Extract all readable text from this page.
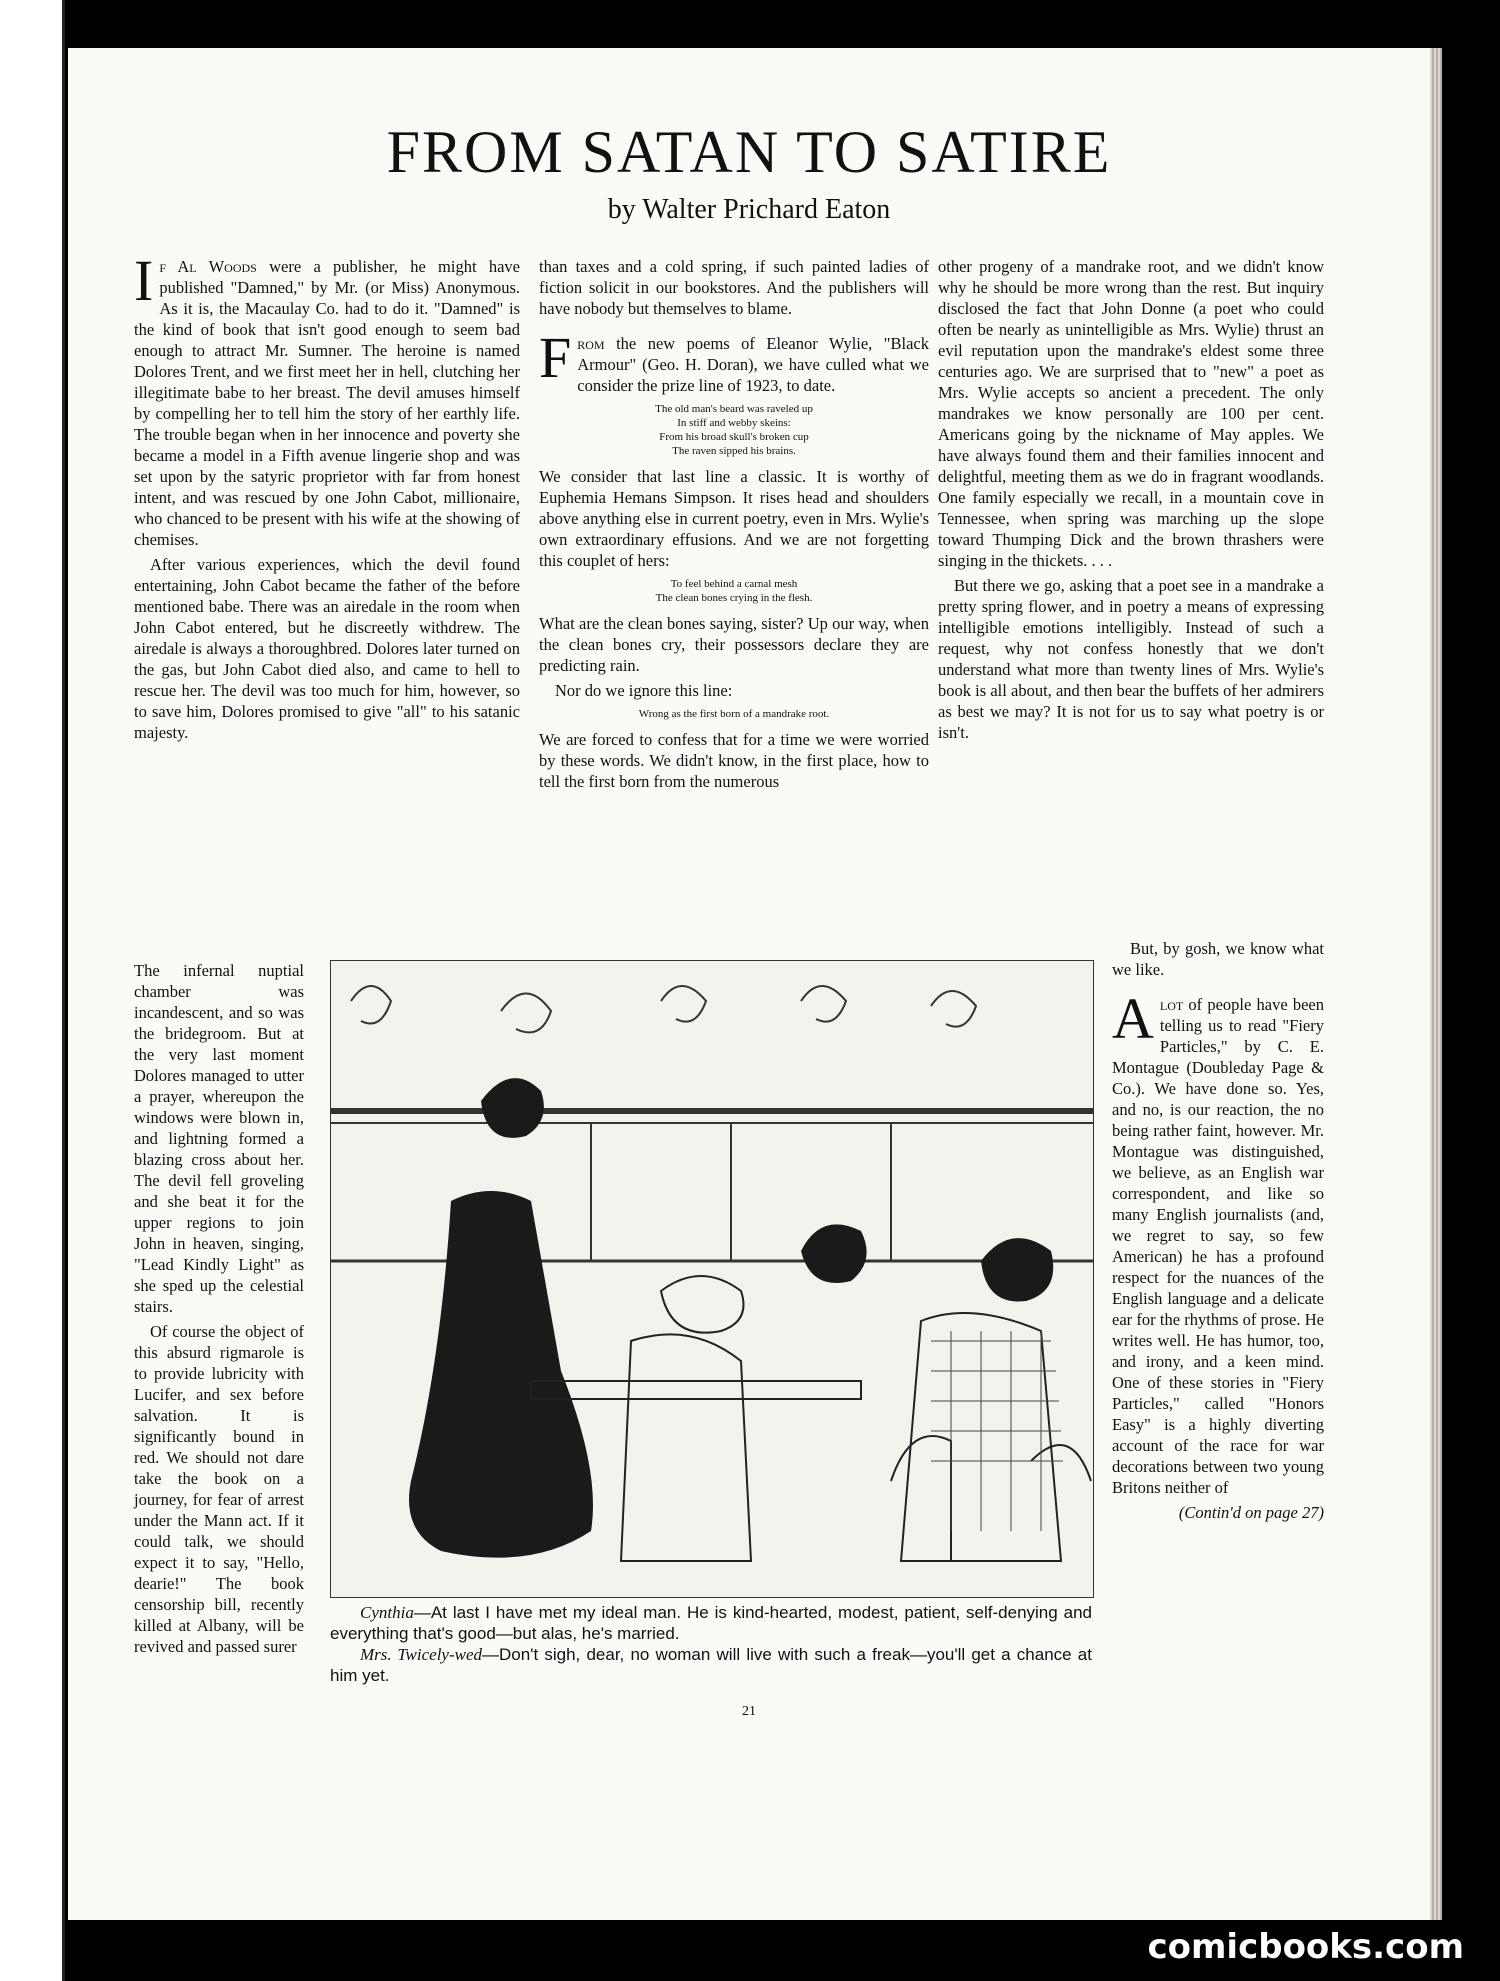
FROM SATAN TO SATIRE
by Walter Prichard Eaton

If Al Woods were a publisher, he might have published "Damned," by Mr. (or Miss) Anonymous. As it is, the Macaulay Co. had to do it. "Damned" is the kind of book that isn't good enough to seem bad enough to attract Mr. Sumner. The heroine is named Dolores Trent, and we first meet her in hell, clutching her illegitimate babe to her breast. The devil amuses himself by compelling her to tell him the story of her earthly life. The trouble began when in her innocence and poverty she became a model in a Fifth avenue lingerie shop and was set upon by the satyric proprietor with far from honest intent, and was rescued by one John Cabot, millionaire, who chanced to be present with his wife at the showing of chemises.

After various experiences, which the devil found entertaining, John Cabot became the father of the before mentioned babe. There was an airedale in the room when John Cabot entered, but he discreetly withdrew. The airedale is always a thoroughbred. Dolores later turned on the gas, but John Cabot died also, and came to hell to rescue her. The devil was too much for him, however, so to save him, Dolores promised to give "all" to his satanic majesty.

The infernal nuptial chamber was incandescent, and so was the bridegroom. But at the very last moment Dolores managed to utter a prayer, whereupon the windows were blown in, and lightning formed a blazing cross about her. The devil fell groveling and she beat it for the upper regions to join John in heaven, singing, "Lead Kindly Light" as she sped up the celestial stairs.

Of course the object of this absurd rigmarole is to provide lubricity with Lucifer, and sex before salvation. It is significantly bound in red. We should not dare take the book on a journey, for fear of arrest under the Mann act. If it could talk, we should expect it to say, "Hello, dearie!" The book censorship bill, recently killed at Albany, will be revived and passed surer

than taxes and a cold spring, if such painted ladies of fiction solicit in our bookstores. And the publishers will have nobody but themselves to blame.

From the new poems of Eleanor Wylie, "Black Armour" (Geo. H. Doran), we have culled what we consider the prize line of 1923, to date.

The old man's beard was raveled up
In stiff and webby skeins:
From his broad skull's broken cup
The raven sipped his brains.

We consider that last line a classic. It is worthy of Euphemia Hemans Simpson. It rises head and shoulders above anything else in current poetry, even in Mrs. Wylie's own extraordinary effusions. And we are not forgetting this couplet of hers:

To feel behind a carnal mesh
The clean bones crying in the flesh.

What are the clean bones saying, sister? Up our way, when the clean bones cry, their possessors declare they are predicting rain.

Nor do we ignore this line:

Wrong as the first born of a mandrake root.

We are forced to confess that for a time we were worried by these words. We didn't know, in the first place, how to tell the first born from the numerous

other progeny of a mandrake root, and we didn't know why he should be more wrong than the rest. But inquiry disclosed the fact that John Donne (a poet who could often be nearly as unintelligible as Mrs. Wylie) thrust an evil reputation upon the mandrake's eldest some three centuries ago. We are surprised that to "new" a poet as Mrs. Wylie accepts so ancient a precedent. The only mandrakes we know personally are 100 per cent. Americans going by the nickname of May apples. We have always found them and their families innocent and delightful, meeting them as we do in fragrant woodlands. One family especially we recall, in a mountain cove in Tennessee, when spring was marching up the slope toward Thumping Dick and the brown thrashers were singing in the thickets. . . .

But there we go, asking that a poet see in a mandrake a pretty spring flower, and in poetry a means of expressing intelligible emotions intelligibly. Instead of such a request, why not confess honestly that we don't understand what more than twenty lines of Mrs. Wylie's book is all about, and then bear the buffets of her admirers as best we may? It is not for us to say what poetry is or isn't.

But, by gosh, we know what we like.

Alot of people have been telling us to read "Fiery Particles," by C. E. Montague (Doubleday Page & Co.). We have done so. Yes, and no, is our reaction, the no being rather faint, however. Mr. Montague was distinguished, we believe, as an English war correspondent, and like so many English journalists (and, we regret to say, so few American) he has a profound respect for the nuances of the English language and a delicate ear for the rhythms of prose. He writes well. He has humor, too, and irony, and a keen mind. One of these stories in "Fiery Particles," called "Honors Easy" is a highly diverting account of the race for war decorations between two young Britons neither of

(Contin'd on page 27)

Cynthia—At last I have met my ideal man. He is kind-hearted, modest, patient, self-denying and everything that's good—but alas, he's married.

Mrs. Twicely-wed—Don't sigh, dear, no woman will live with such a freak—you'll get a chance at him yet.

21
comicbooks.com
